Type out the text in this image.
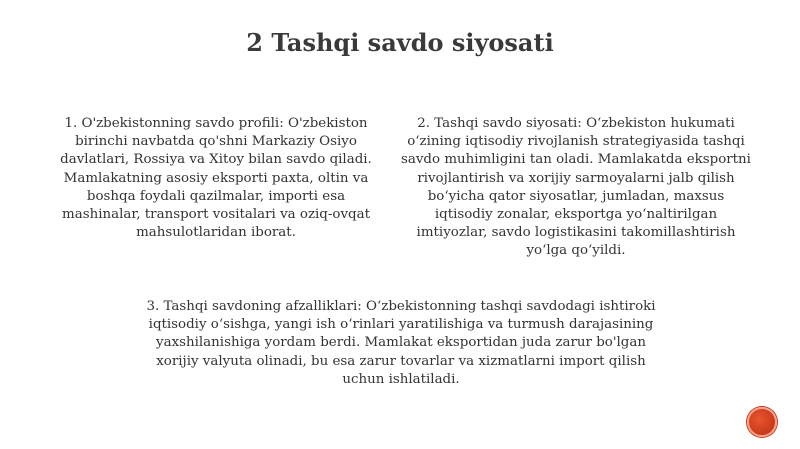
2 Tashqi savdo siyosati

1. O'zbekistonning savdo profili: O'zbekiston birinchi navbatda qo'shni Markaziy Osiyo davlatlari, Rossiya va Xitoy bilan savdo qiladi. Mamlakatning asosiy eksporti paxta, oltin va boshqa foydali qazilmalar, importi esa mashinalar, transport vositalari va oziq-ovqat mahsulotlaridan iborat.

2. Tashqi savdo siyosati: O‘zbekiston hukumati o‘zining iqtisodiy rivojlanish strategiyasida tashqi savdo muhimligini tan oladi. Mamlakatda eksportni rivojlantirish va xorijiy sarmoyalarni jalb qilish bo‘yicha qator siyosatlar, jumladan, maxsus iqtisodiy zonalar, eksportga yo‘naltirilgan imtiyozlar, savdo logistikasini takomillashtirish yo‘lga qo‘yildi.

3. Tashqi savdoning afzalliklari: O‘zbekistonning tashqi savdodagi ishtiroki iqtisodiy o‘sishga, yangi ish o‘rinlari yaratilishiga va turmush darajasining yaxshilanishiga yordam berdi. Mamlakat eksportidan juda zarur bo'lgan xorijiy valyuta olinadi, bu esa zarur tovarlar va xizmatlarni import qilish uchun ishlatiladi.
